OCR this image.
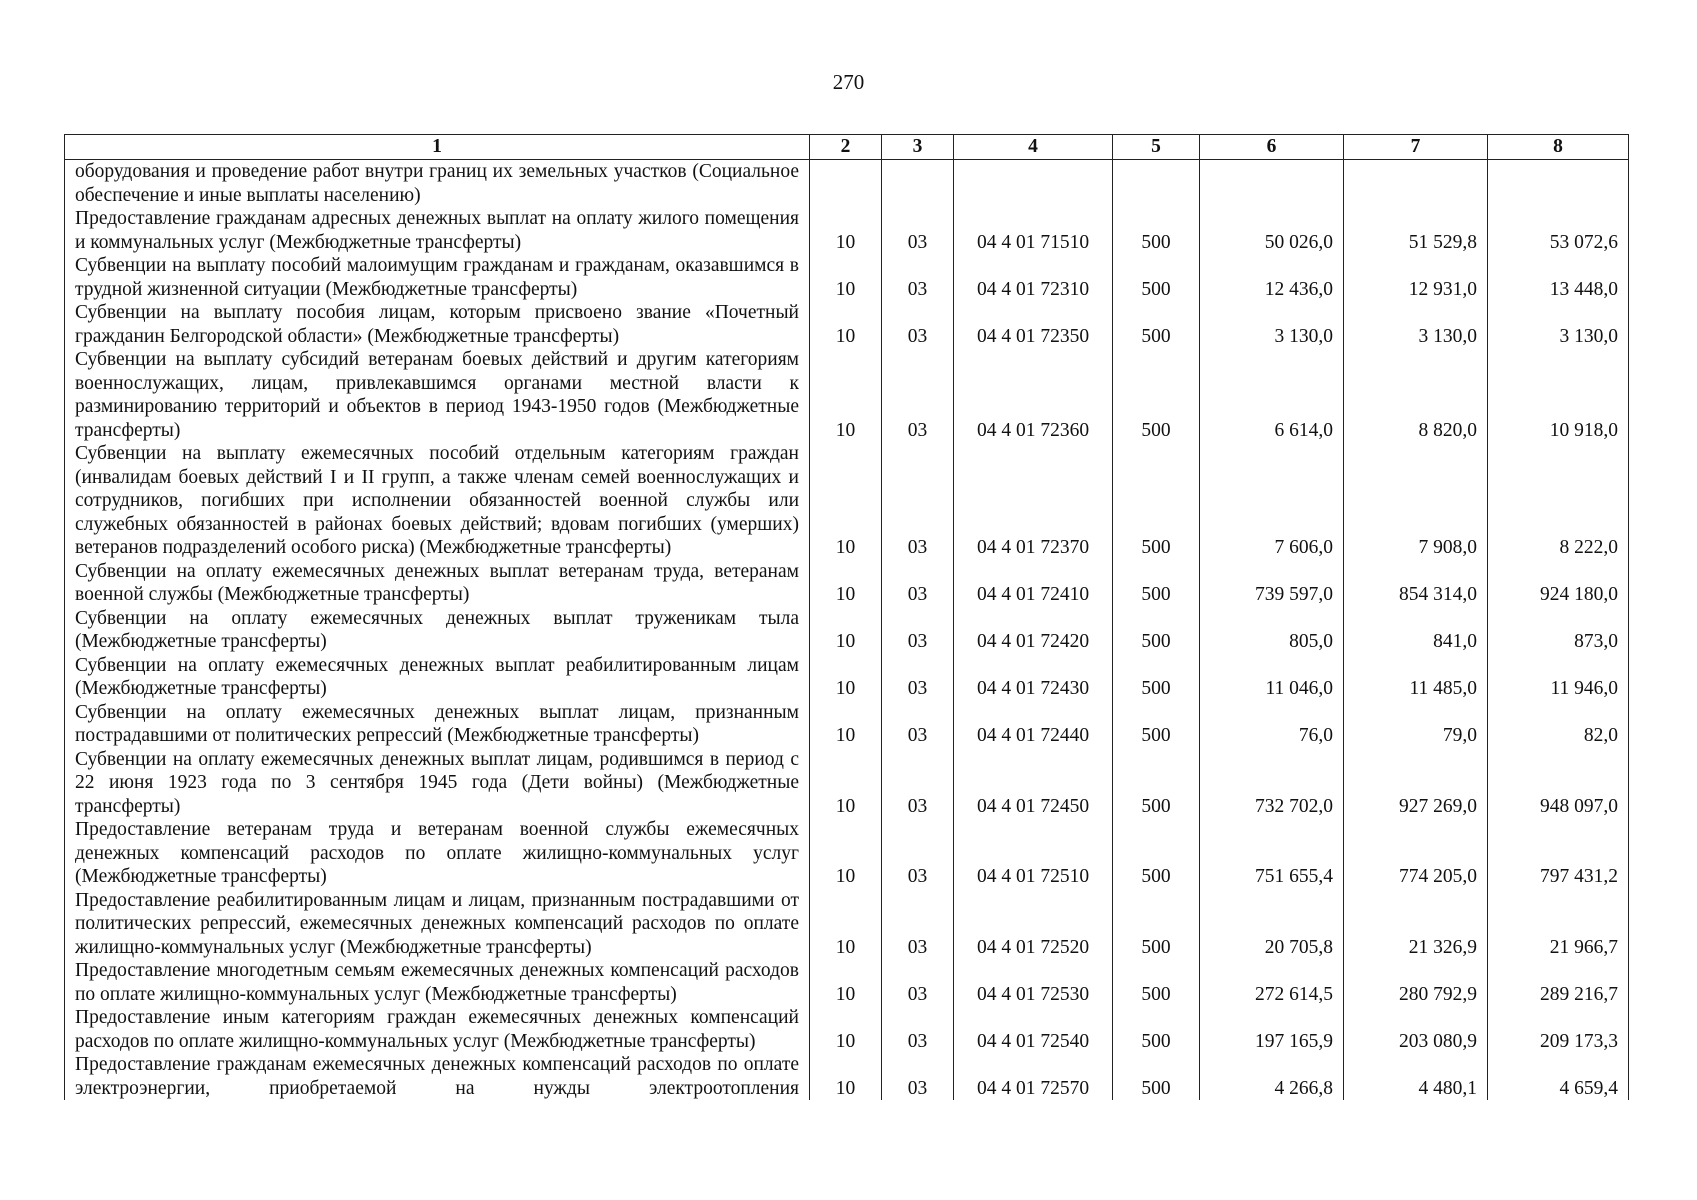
270
1	2	3	4	5	6	7	8
оборудования и проведение работ внутри границ их земельных участков (Социальное обеспечение и иные выплаты населению)							
Предоставление гражданам адресных денежных выплат на оплату жилого помещения и коммунальных услуг (Межбюджетные трансферты)	10	03	04 4 01 71510	500	50 026,0	51 529,8	53 072,6
Субвенции на выплату пособий малоимущим гражданам и гражданам, оказавшимся в трудной жизненной ситуации (Межбюджетные трансферты)	10	03	04 4 01 72310	500	12 436,0	12 931,0	13 448,0
Субвенции на выплату пособия лицам, которым присвоено звание «Почетный гражданин Белгородской области» (Межбюджетные трансферты)	10	03	04 4 01 72350	500	3 130,0	3 130,0	3 130,0
Субвенции на выплату субсидий ветеранам боевых действий и другим категориям военнослужащих, лицам, привлекавшимся органами местной власти к разминированию территорий и объектов в период 1943-1950 годов (Межбюджетные трансферты)	10	03	04 4 01 72360	500	6 614,0	8 820,0	10 918,0
Субвенции на выплату ежемесячных пособий отдельным категориям граждан (инвалидам боевых действий I и II групп, а также членам семей военнослужащих и сотрудников, погибших при исполнении обязанностей военной службы или служебных обязанностей в районах боевых действий; вдовам погибших (умерших) ветеранов подразделений особого риска) (Межбюджетные трансферты)	10	03	04 4 01 72370	500	7 606,0	7 908,0	8 222,0
Субвенции на оплату ежемесячных денежных выплат ветеранам труда, ветеранам военной службы (Межбюджетные трансферты)	10	03	04 4 01 72410	500	739 597,0	854 314,0	924 180,0
Субвенции на оплату ежемесячных денежных выплат труженикам тыла (Межбюджетные трансферты)	10	03	04 4 01 72420	500	805,0	841,0	873,0
Субвенции на оплату ежемесячных денежных выплат реабилитированным лицам (Межбюджетные трансферты)	10	03	04 4 01 72430	500	11 046,0	11 485,0	11 946,0
Субвенции на оплату ежемесячных денежных выплат лицам, признанным пострадавшими от политических репрессий (Межбюджетные трансферты)	10	03	04 4 01 72440	500	76,0	79,0	82,0
Субвенции на оплату ежемесячных денежных выплат лицам, родившимся в период с 22 июня 1923 года по 3 сентября 1945 года (Дети войны) (Межбюджетные трансферты)	10	03	04 4 01 72450	500	732 702,0	927 269,0	948 097,0
Предоставление ветеранам труда и ветеранам военной службы ежемесячных денежных компенсаций расходов по оплате жилищно-коммунальных услуг (Межбюджетные трансферты)	10	03	04 4 01 72510	500	751 655,4	774 205,0	797 431,2
Предоставление реабилитированным лицам и лицам, признанным пострадавшими от политических репрессий, ежемесячных денежных компенсаций расходов по оплате жилищно-коммунальных услуг (Межбюджетные трансферты)	10	03	04 4 01 72520	500	20 705,8	21 326,9	21 966,7
Предоставление многодетным семьям ежемесячных денежных компенсаций расходов по оплате жилищно-коммунальных услуг (Межбюджетные трансферты)	10	03	04 4 01 72530	500	272 614,5	280 792,9	289 216,7
Предоставление иным категориям граждан ежемесячных денежных компенсаций расходов по оплате жилищно-коммунальных услуг (Межбюджетные трансферты)	10	03	04 4 01 72540	500	197 165,9	203 080,9	209 173,3
Предоставление гражданам ежемесячных денежных компенсаций расходов по оплате электроэнергии, приобретаемой на нужды электроотопления	10	03	04 4 01 72570	500	4 266,8	4 480,1	4 659,4
